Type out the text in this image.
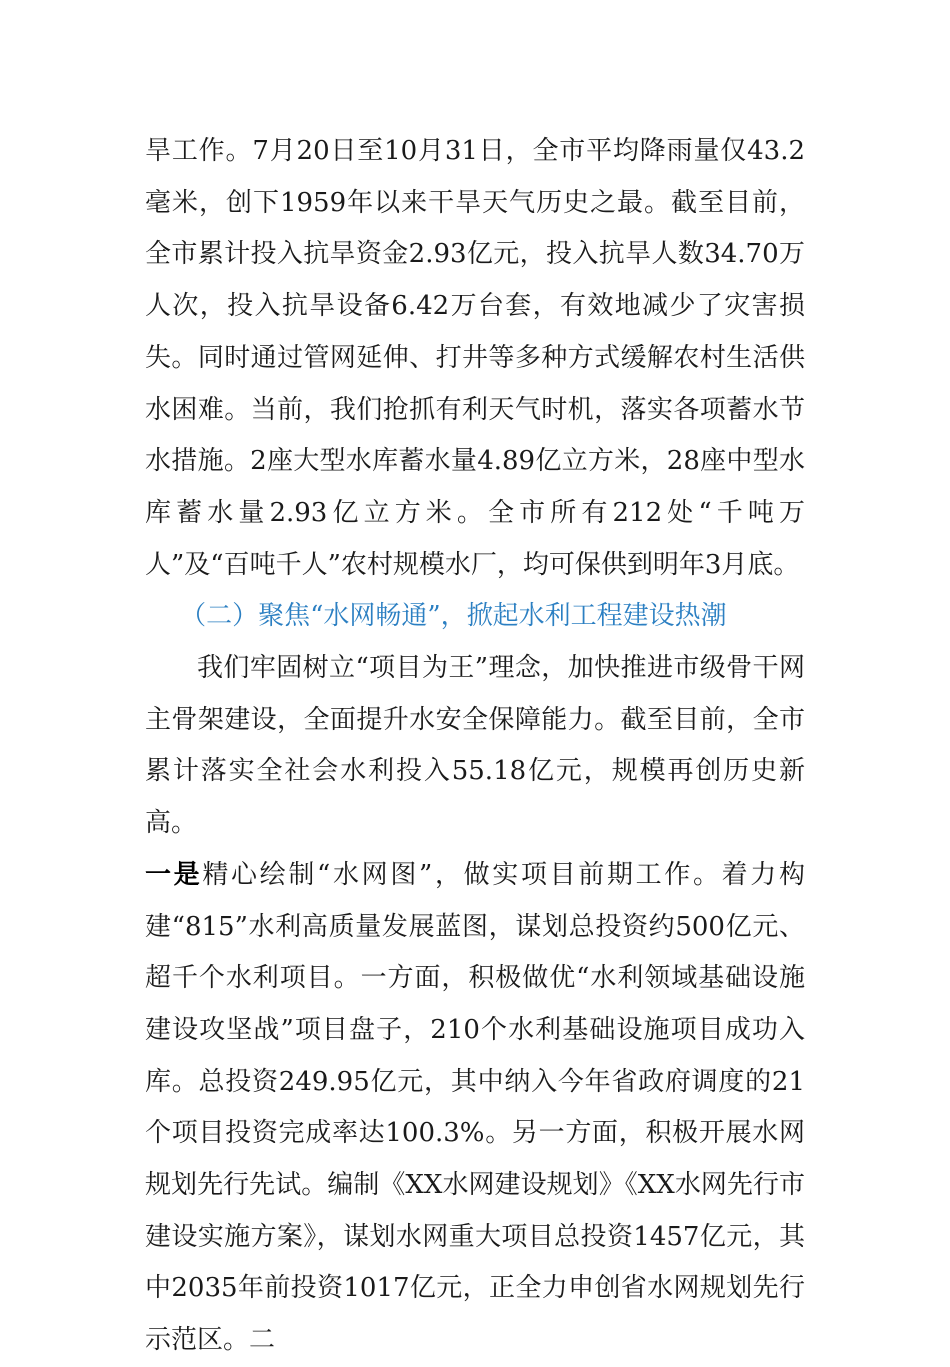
旱工作。7月20日至10月31日，全市平均降雨量仅43.2毫米，创下1959年以来干旱天气历史之最。截至目前，全市累计投入抗旱资金2.93亿元，投入抗旱人数34.70万人次，投入抗旱设备6.42万台套，有效地减少了灾害损失。同时通过管网延伸、打井等多种方式缓解农村生活供水困难。当前，我们抢抓有利天气时机，落实各项蓄水节水措施。2座大型水库蓄水量4.89亿立方米，28座中型水库蓄水量2.93亿立方米。全市所有212处“千吨万人”及“百吨千人”农村规模水厂，均可保供到明年3月底。

（二）聚焦“水网畅通”，掀起水利工程建设热潮

我们牢固树立“项目为王”理念，加快推进市级骨干网主骨架建设，全面提升水安全保障能力。截至目前，全市累计落实全社会水利投入55.18亿元，规模再创历史新高。

一是精心绘制“水网图”，做实项目前期工作。着力构建“815”水利高质量发展蓝图，谋划总投资约500亿元、超千个水利项目。一方面，积极做优“水利领域基础设施建设攻坚战”项目盘子，210个水利基础设施项目成功入库。总投资249.95亿元，其中纳入今年省政府调度的21个项目投资完成率达100.3%。另一方面，积极开展水网规划先行先试。编制《XX水网建设规划》《XX水网先行市建设实施方案》，谋划水网重大项目总投资1457亿元，其中2035年前投资1017亿元，正全力申创省水网规划先行示范区。二
